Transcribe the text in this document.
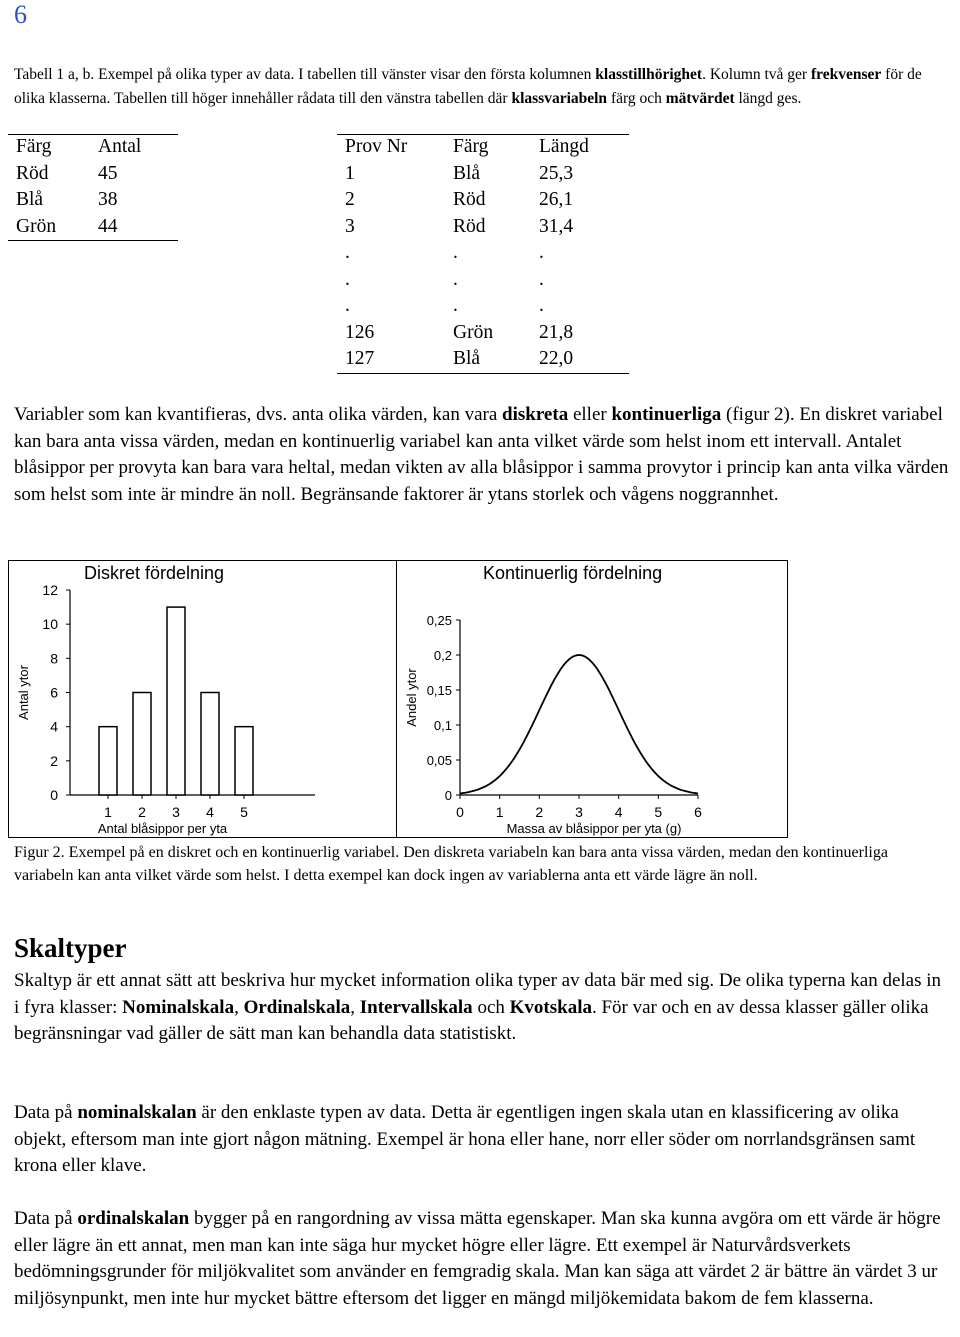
6
Tabell 1 a, b. Exempel på olika typer av data. I tabellen till vänster visar den första kolumnen klasstillhörighet. Kolumn två ger frekvenser för de olika klasserna. Tabellen till höger innehåller rådata till den vänstra tabellen där klassvariabeln färg och mätvärdet längd ges.
Färg	Antal
Röd	45
Blå	38
Grön	44
Prov Nr	Färg	Längd
1	Blå	25,3
2	Röd	26,1
3	Röd	31,4
.	.	.
.	.	.
.	.	.
126	Grön	21,8
127	Blå	22,0
Variabler som kan kvantifieras, dvs. anta olika värden, kan vara diskreta eller kontinuerliga (figur 2). En diskret variabel kan bara anta vissa värden, medan en kontinuerlig variabel kan anta vilket värde som helst inom ett intervall. Antalet blåsippor per provyta kan bara vara heltal, medan vikten av alla blåsippor i samma provytor i princip kan anta vilka värden som helst som inte är mindre än noll. Begränsande faktorer är ytans storlek och vågens noggrannhet.
Diskret fördelning	Kontinuerlig fördelning
0
2
4
6
8
10
12
1 2 3 4 5
Antal blåsippor per yta
Antal ytor
0
0,05
0,1
0,15
0,2
0,25
0 1 2 3 4 5 6
Massa av blåsippor per yta (g)
Andel ytor
Figur 2. Exempel på en diskret och en kontinuerlig variabel. Den diskreta variabeln kan bara anta vissa värden, medan den kontinuerliga variabeln kan anta vilket värde som helst. I detta exempel kan dock ingen av variablerna anta ett värde lägre än noll.
Skaltyper
Skaltyp är ett annat sätt att beskriva hur mycket information olika typer av data bär med sig. De olika typerna kan delas in i fyra klasser: Nominalskala, Ordinalskala, Intervallskala och Kvotskala. För var och en av dessa klasser gäller olika begränsningar vad gäller de sätt man kan behandla data statistiskt.
Data på nominalskalan är den enklaste typen av data. Detta är egentligen ingen skala utan en klassificering av olika objekt, eftersom man inte gjort någon mätning. Exempel är hona eller hane, norr eller söder om norrlandsgränsen samt krona eller klave.
Data på ordinalskalan bygger på en rangordning av vissa mätta egenskaper. Man ska kunna avgöra om ett värde är högre eller lägre än ett annat, men man kan inte säga hur mycket högre eller lägre. Ett exempel är Naturvårdsverkets bedömningsgrunder för miljökvalitet som använder en femgradig skala. Man kan säga att värdet 2 är bättre än värdet 3 ur miljösynpunkt, men inte hur mycket bättre eftersom det ligger en mängd miljökemidata bakom de fem klasserna.
